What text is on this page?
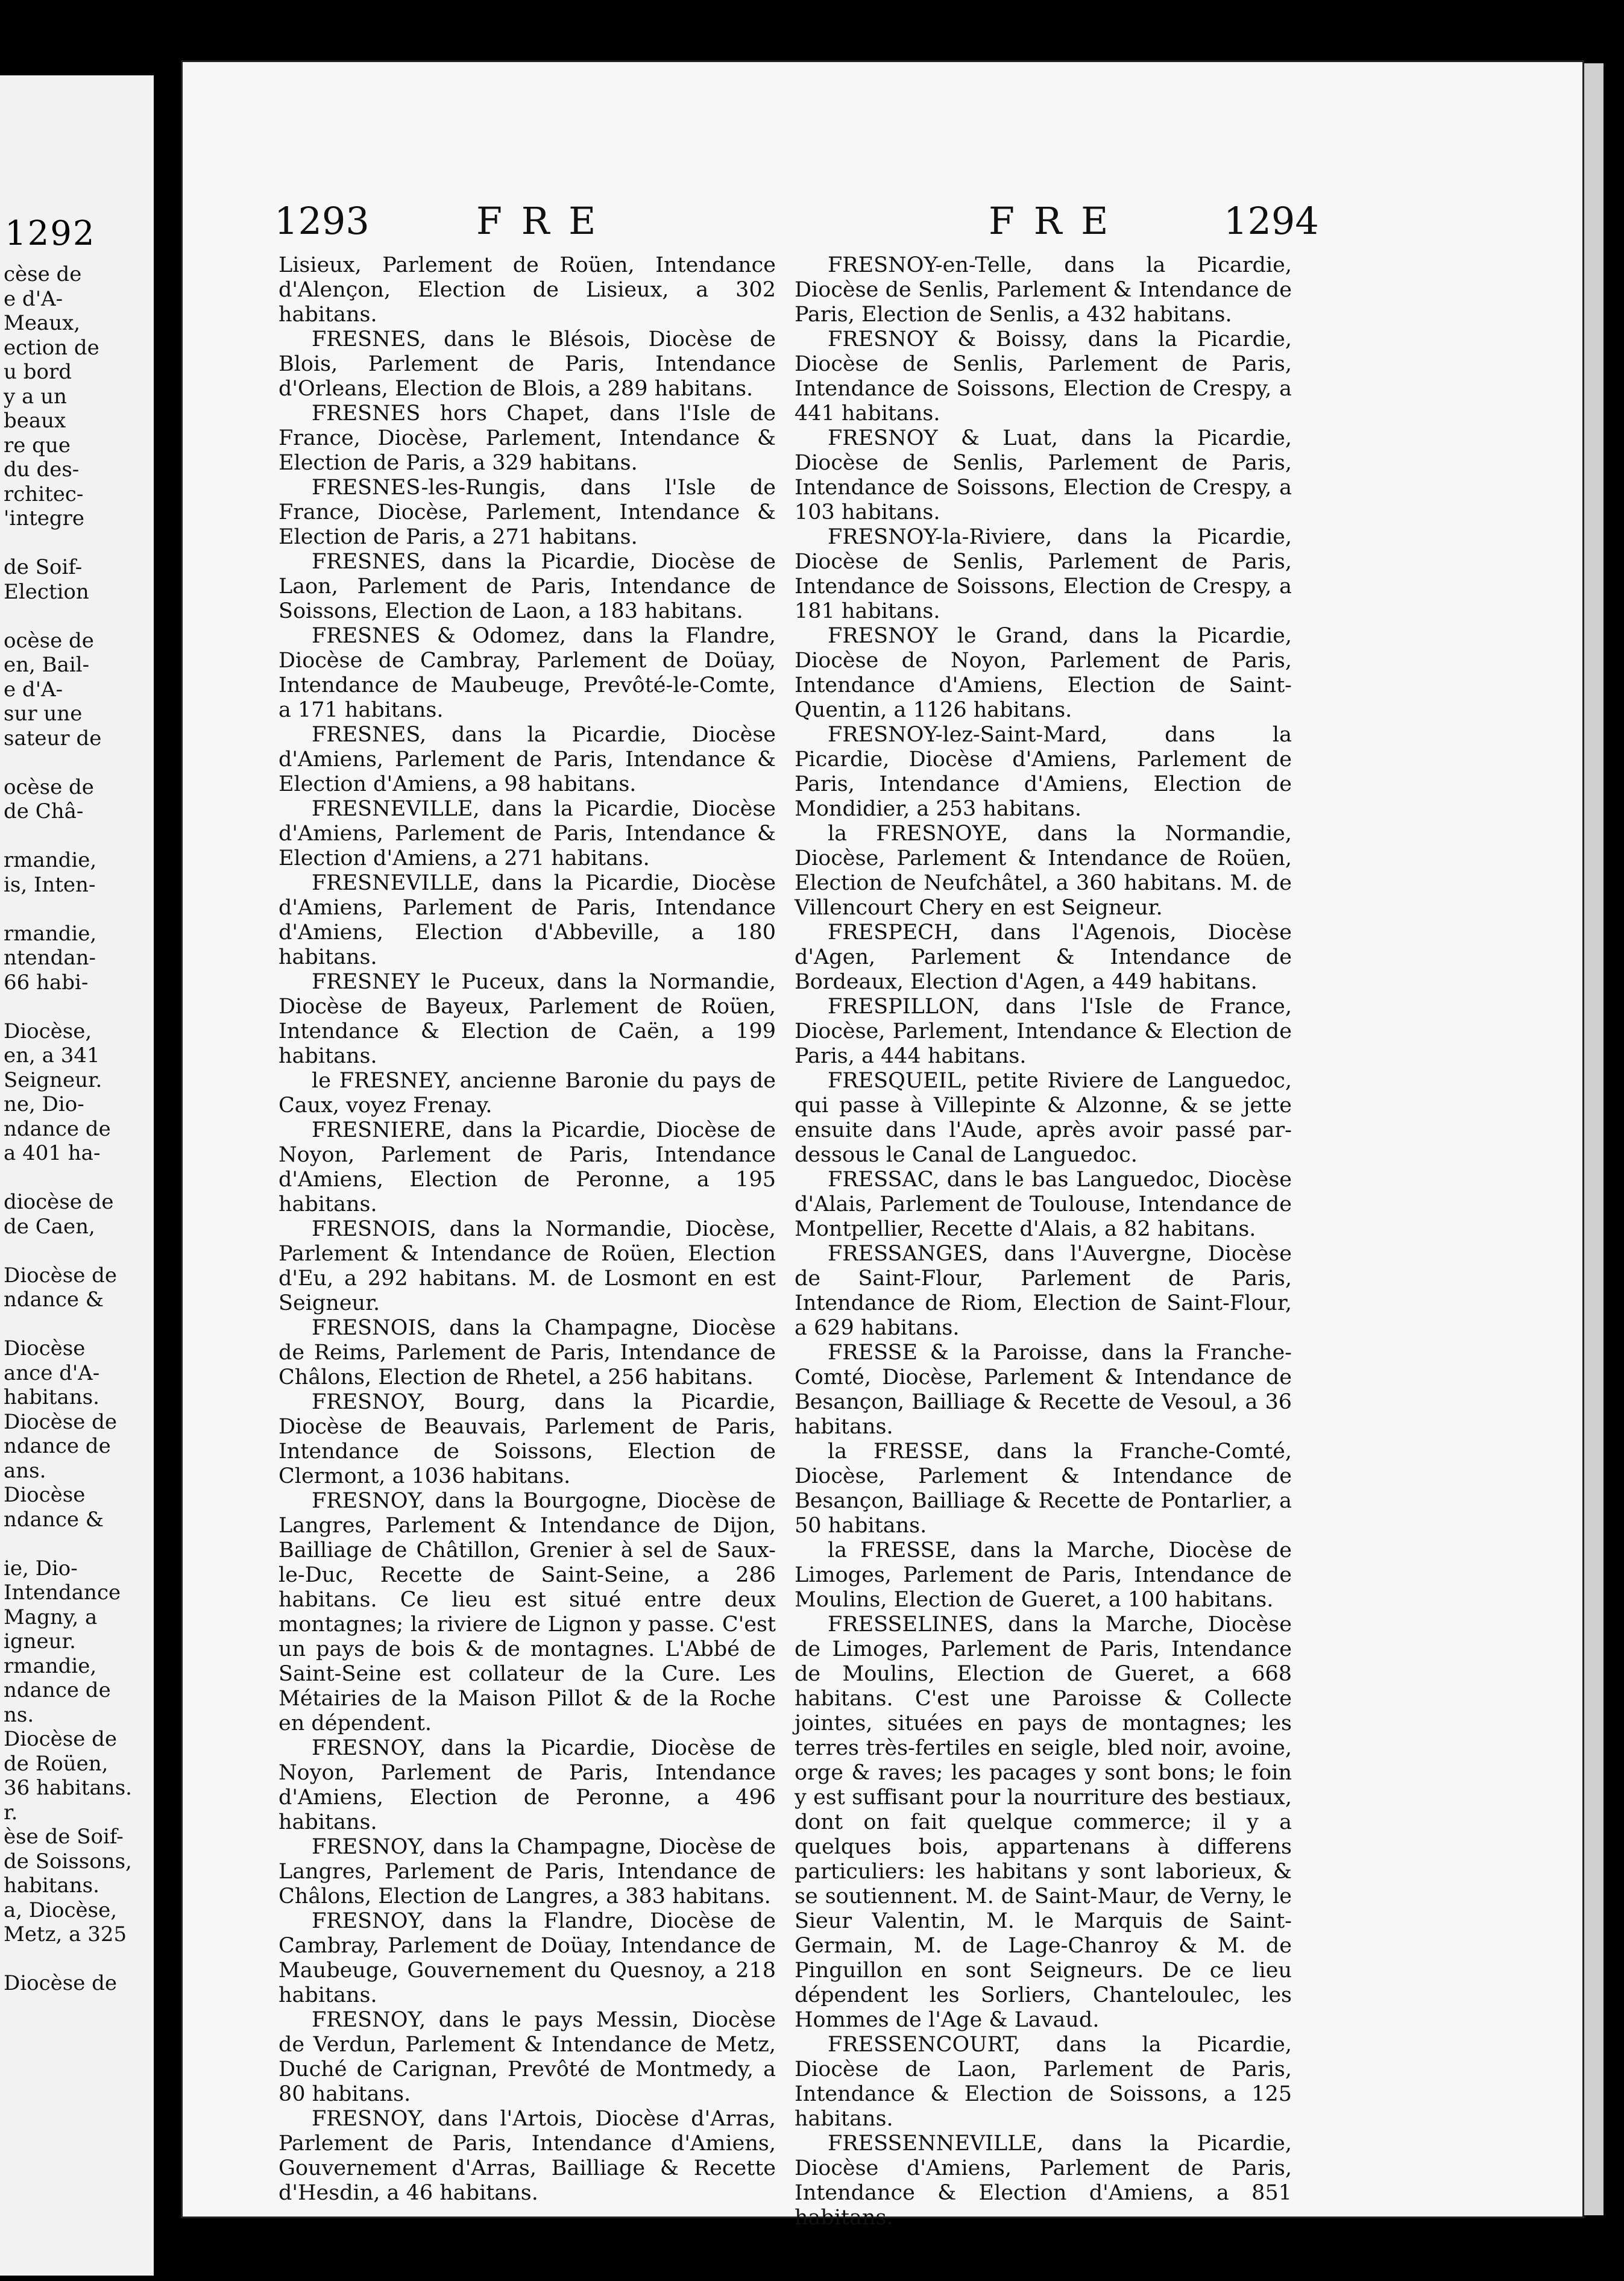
1292
cèse de
e d'A-
Meaux,
ection de
u bord
y a un
beaux
re que
du des-
rchitec-
'integre

de Soif-
Election

ocèse de
en, Bail-
e d'A-
sur une
sateur de

ocèse de
de Châ-

rmandie,
is, Inten-

rmandie,
ntendan-
66 habi-

Diocèse,
en, a 341
Seigneur.
ne, Dio-
ndance de
a 401 ha-

diocèse de
de Caen,

Diocèse de
ndance &

Diocèse
ance d'A-
habitans.
Diocèse de
ndance de
ans.
Diocèse
ndance &

ie, Dio-
Intendance
Magny, a
igneur.
rmandie,
ndance de
ns.
Diocèse de
de Roüen,
36 habitans.
r.
èse de Soif-
de Soissons,
habitans.
a, Diocèse,
Metz, a 325

Diocèse de
1293	F R E	F R E	1294

Lisieux, Parlement de Roüen, Intendance d'Alençon, Election de Lisieux, a 302 habitans.

FRESNES, dans le Blésois, Diocèse de Blois, Parlement de Paris, Intendance d'Orleans, Election de Blois, a 289 habitans.

FRESNES hors Chapet, dans l'Isle de France, Diocèse, Parlement, Intendance & Election de Paris, a 329 habitans.

FRESNES-les-Rungis, dans l'Isle de France, Diocèse, Parlement, Intendance & Election de Paris, a 271 habitans.

FRESNES, dans la Picardie, Diocèse de Laon, Parlement de Paris, Intendance de Soissons, Election de Laon, a 183 habitans.

FRESNES & Odomez, dans la Flandre, Diocèse de Cambray, Parlement de Doüay, Intendance de Maubeuge, Prevôté-le-Comte, a 171 habitans.

FRESNES, dans la Picardie, Diocèse d'Amiens, Parlement de Paris, Intendance & Election d'Amiens, a 98 habitans.

FRESNEVILLE, dans la Picardie, Diocèse d'Amiens, Parlement de Paris, Intendance & Election d'Amiens, a 271 habitans.

FRESNEVILLE, dans la Picardie, Diocèse d'Amiens, Parlement de Paris, Intendance d'Amiens, Election d'Abbeville, a 180 habitans.

FRESNEY le Puceux, dans la Normandie, Diocèse de Bayeux, Parlement de Roüen, Intendance & Election de Caën, a 199 habitans.

le FRESNEY, ancienne Baronie du pays de Caux, voyez Frenay.

FRESNIERE, dans la Picardie, Diocèse de Noyon, Parlement de Paris, Intendance d'Amiens, Election de Peronne, a 195 habitans.

FRESNOIS, dans la Normandie, Diocèse, Parlement & Intendance de Roüen, Election d'Eu, a 292 habitans. M. de Losmont en est Seigneur.

FRESNOIS, dans la Champagne, Diocèse de Reims, Parlement de Paris, Intendance de Châlons, Election de Rhetel, a 256 habitans.

FRESNOY, Bourg, dans la Picardie, Diocèse de Beauvais, Parlement de Paris, Intendance de Soissons, Election de Clermont, a 1036 habitans.

FRESNOY, dans la Bourgogne, Diocèse de Langres, Parlement & Intendance de Dijon, Bailliage de Châtillon, Grenier à sel de Saux-le-Duc, Recette de Saint-Seine, a 286 habitans. Ce lieu est situé entre deux montagnes; la riviere de Lignon y passe. C'est un pays de bois & de montagnes. L'Abbé de Saint-Seine est collateur de la Cure. Les Métairies de la Maison Pillot & de la Roche en dépendent.

FRESNOY, dans la Picardie, Diocèse de Noyon, Parlement de Paris, Intendance d'Amiens, Election de Peronne, a 496 habitans.

FRESNOY, dans la Champagne, Diocèse de Langres, Parlement de Paris, Intendance de Châlons, Election de Langres, a 383 habitans.

FRESNOY, dans la Flandre, Diocèse de Cambray, Parlement de Doüay, Intendance de Maubeuge, Gouvernement du Quesnoy, a 218 habitans.

FRESNOY, dans le pays Messin, Diocèse de Verdun, Parlement & Intendance de Metz, Duché de Carignan, Prevôté de Montmedy, a 80 habitans.

FRESNOY, dans l'Artois, Diocèse d'Arras, Parlement de Paris, Intendance d'Amiens, Gouvernement d'Arras, Bailliage & Recette d'Hesdin, a 46 habitans.

FRESNOY-en-Telle, dans la Picardie, Diocèse de Senlis, Parlement & Intendance de Paris, Election de Senlis, a 432 habitans.

FRESNOY & Boissy, dans la Picardie, Diocèse de Senlis, Parlement de Paris, Intendance de Soissons, Election de Crespy, a 441 habitans.

FRESNOY & Luat, dans la Picardie, Diocèse de Senlis, Parlement de Paris, Intendance de Soissons, Election de Crespy, a 103 habitans.

FRESNOY-la-Riviere, dans la Picardie, Diocèse de Senlis, Parlement de Paris, Intendance de Soissons, Election de Crespy, a 181 habitans.

FRESNOY le Grand, dans la Picardie, Diocèse de Noyon, Parlement de Paris, Intendance d'Amiens, Election de Saint-Quentin, a 1126 habitans.

FRESNOY-lez-Saint-Mard, dans la Picardie, Diocèse d'Amiens, Parlement de Paris, Intendance d'Amiens, Election de Mondidier, a 253 habitans.

la FRESNOYE, dans la Normandie, Diocèse, Parlement & Intendance de Roüen, Election de Neufchâtel, a 360 habitans. M. de Villencourt Chery en est Seigneur.

FRESPECH, dans l'Agenois, Diocèse d'Agen, Parlement & Intendance de Bordeaux, Election d'Agen, a 449 habitans.

FRESPILLON, dans l'Isle de France, Diocèse, Parlement, Intendance & Election de Paris, a 444 habitans.

FRESQUEIL, petite Riviere de Languedoc, qui passe à Villepinte & Alzonne, & se jette ensuite dans l'Aude, après avoir passé par-dessous le Canal de Languedoc.

FRESSAC, dans le bas Languedoc, Diocèse d'Alais, Parlement de Toulouse, Intendance de Montpellier, Recette d'Alais, a 82 habitans.

FRESSANGES, dans l'Auvergne, Diocèse de Saint-Flour, Parlement de Paris, Intendance de Riom, Election de Saint-Flour, a 629 habitans.

FRESSE & la Paroisse, dans la Franche-Comté, Diocèse, Parlement & Intendance de Besançon, Bailliage & Recette de Vesoul, a 36 habitans.

la FRESSE, dans la Franche-Comté, Diocèse, Parlement & Intendance de Besançon, Bailliage & Recette de Pontarlier, a 50 habitans.

la FRESSE, dans la Marche, Diocèse de Limoges, Parlement de Paris, Intendance de Moulins, Election de Gueret, a 100 habitans.

FRESSELINES, dans la Marche, Diocèse de Limoges, Parlement de Paris, Intendance de Moulins, Election de Gueret, a 668 habitans. C'est une Paroisse & Collecte jointes, situées en pays de montagnes; les terres très-fertiles en seigle, bled noir, avoine, orge & raves; les pacages y sont bons; le foin y est suffisant pour la nourriture des bestiaux, dont on fait quelque commerce; il y a quelques bois, appartenans à differens particuliers: les habitans y sont laborieux, & se soutiennent. M. de Saint-Maur, de Verny, le Sieur Valentin, M. le Marquis de Saint-Germain, M. de Lage-Chanroy & M. de Pinguillon en sont Seigneurs. De ce lieu dépendent les Sorliers, Chanteloulec, les Hommes de l'Age & Lavaud.

FRESSENCOURT, dans la Picardie, Diocèse de Laon, Parlement de Paris, Intendance & Election de Soissons, a 125 habitans.

FRESSENNEVILLE, dans la Picardie, Diocèse d'Amiens, Parlement de Paris, Intendance & Election d'Amiens, a 851 habitans.
